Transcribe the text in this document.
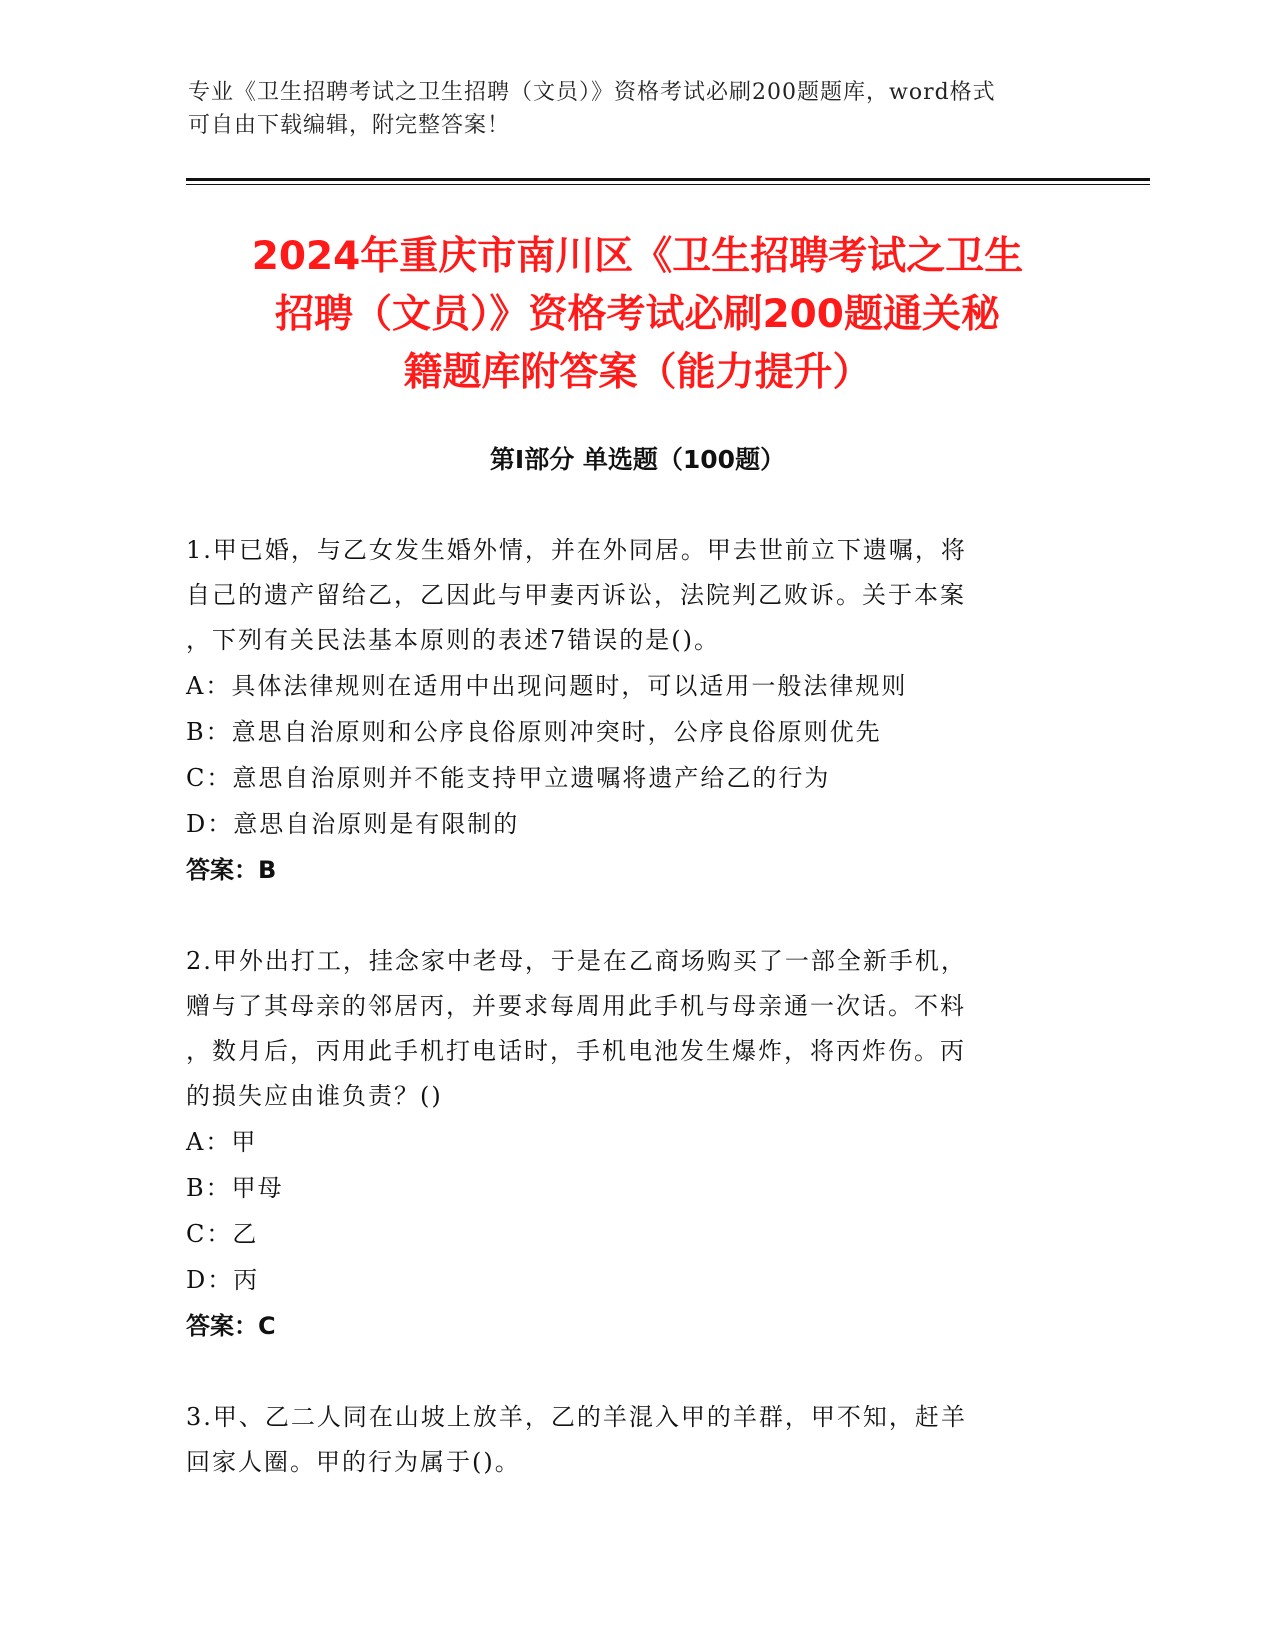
专业《卫生招聘考试之卫生招聘（文员）》资格考试必刷200题题库，word格式
可自由下载编辑，附完整答案！
2024年重庆市南川区《卫生招聘考试之卫生
招聘（文员）》资格考试必刷200题通关秘
籍题库附答案（能力提升）
第Ⅰ部分 单选题（100题）
1.甲已婚，与乙女发生婚外情，并在外同居。甲去世前立下遗嘱，将
自己的遗产留给乙，乙因此与甲妻丙诉讼，法院判乙败诉。关于本案
，下列有关民法基本原则的表述7错误的是()。
A：具体法律规则在适用中出现问题时，可以适用一般法律规则
B：意思自治原则和公序良俗原则冲突时，公序良俗原则优先
C：意思自治原则并不能支持甲立遗嘱将遗产给乙的行为
D：意思自治原则是有限制的
答案：B
2.甲外出打工，挂念家中老母，于是在乙商场购买了一部全新手机，
赠与了其母亲的邻居丙，并要求每周用此手机与母亲通一次话。不料
，数月后，丙用此手机打电话时，手机电池发生爆炸，将丙炸伤。丙
的损失应由谁负责？()
A：甲
B：甲母
C：乙
D：丙
答案：C
3.甲、乙二人同在山坡上放羊，乙的羊混入甲的羊群，甲不知，赶羊
回家人圈。甲的行为属于()。
